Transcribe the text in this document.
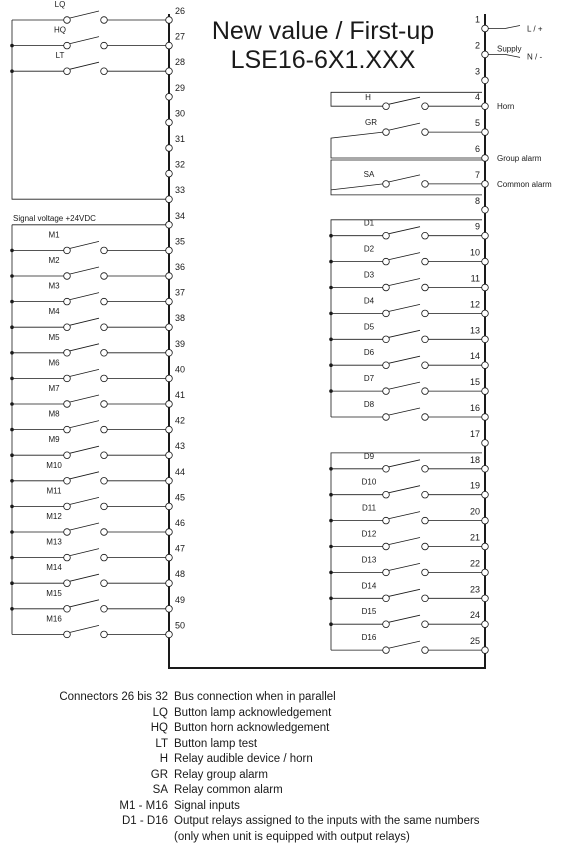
New value / First-up
LSE16-6X1.XXX
LQ
26
HQ
27
LT
28
29
30
31
32
33
Signal voltage +24VDC	34
M1
35
M2
36
M3
37
M4
38
M5
39
M6
40
M7
41
M8
42
M9
43
M10
44
M11
45
M12
46
M13
47
M14
48
M15
49
M16
50
1
2
3
L / +
N / -
Supply
4
Horn
5
6
Group alarm
7
Common alarm
8
H
GR
SA
9
D1
10
D2
11
D3
12
D4
13
D5
14
D6
15
D7
16
D8
17
18
D9
19
D10
20
D11
21
D12
22
D13
23
D14
24
D15
25
D16
Connectors 26 bis 32 Bus connection when in parallel
LQ Button lamp acknowledgement
HQ Button horn acknowledgement
LT Button lamp test
H Relay audible device / horn
GR Relay group alarm
SA Relay common alarm
M1 - M16 Signal inputs
D1 - D16 Output relays assigned to the inputs with the same numbers
(only when unit is equipped with output relays)
